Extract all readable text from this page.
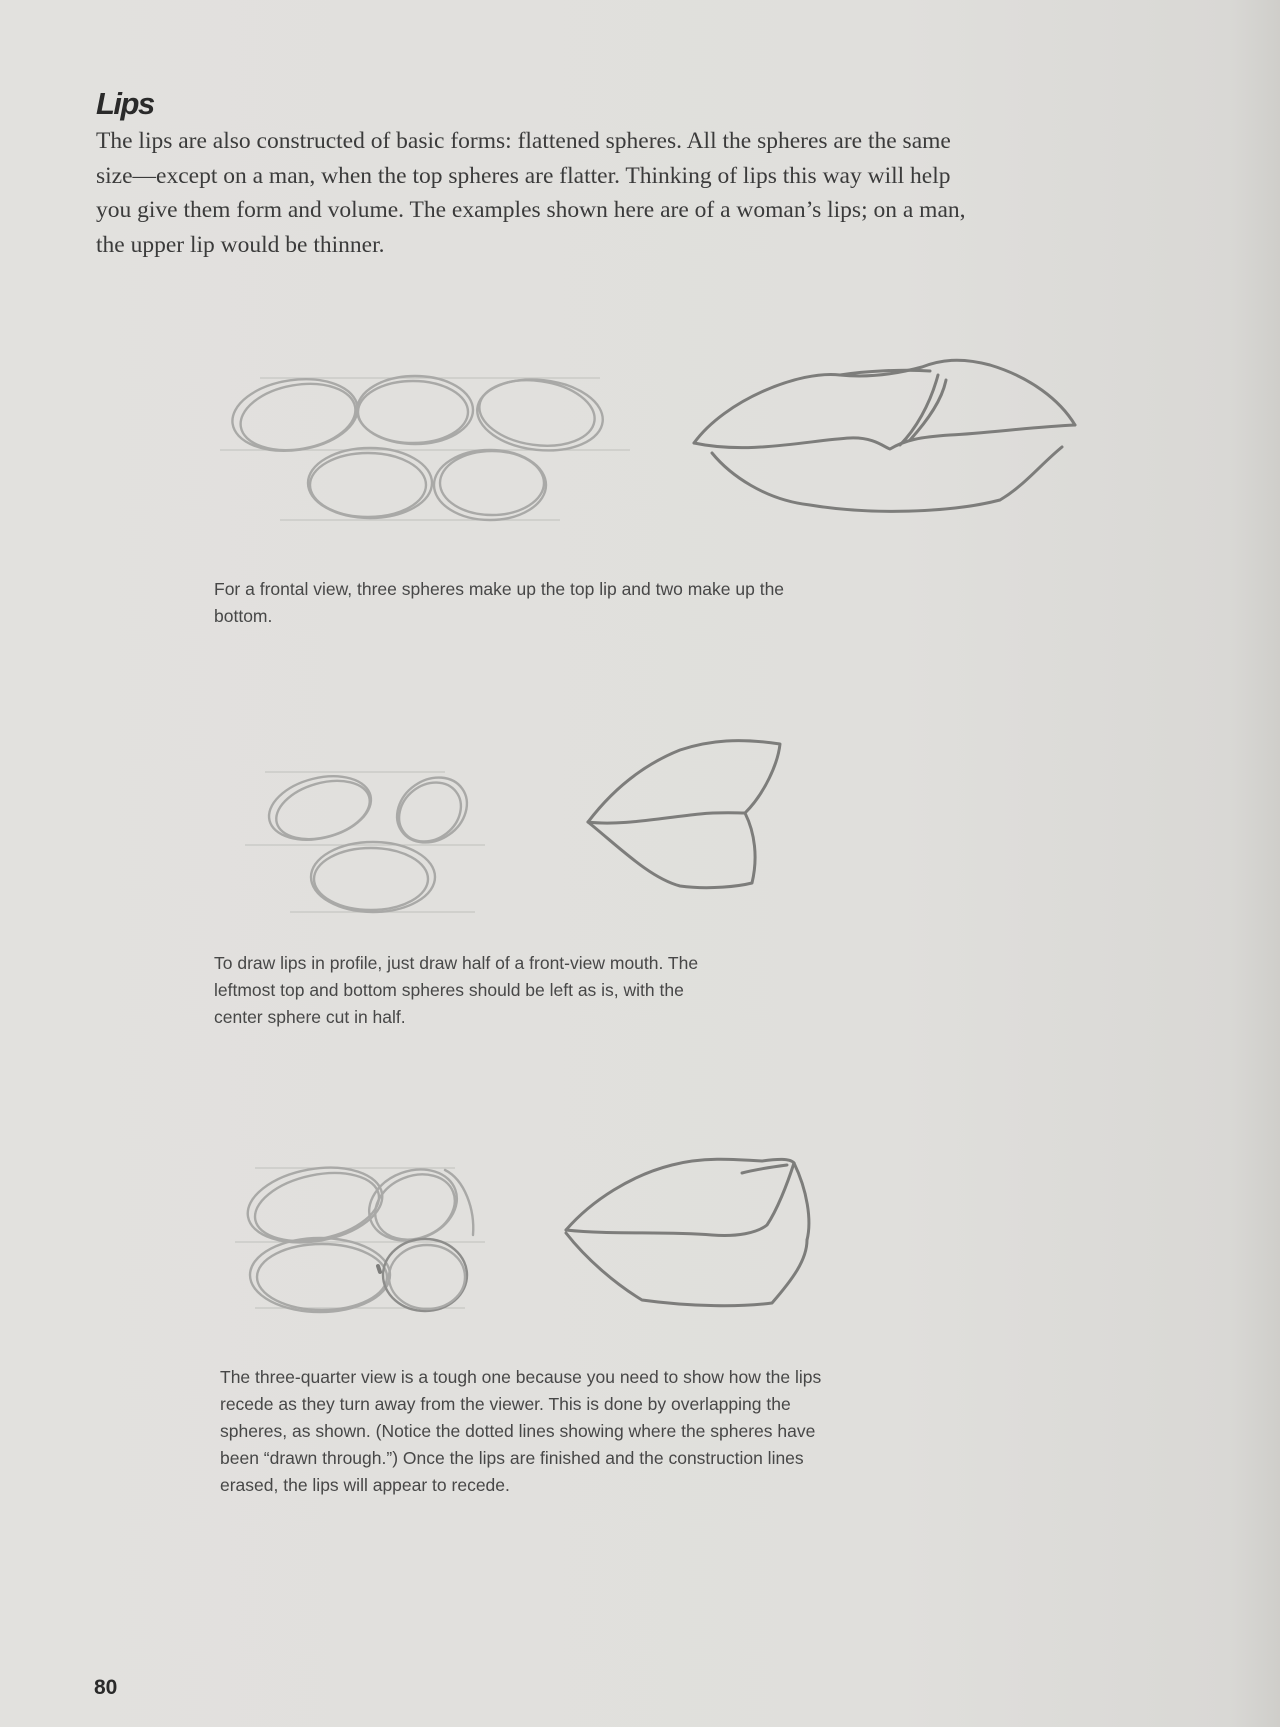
Lips

The lips are also constructed of basic forms: flattened spheres. All the spheres are the same size—except on a man, when the top spheres are flatter. Thinking of lips this way will help you give them form and volume. The examples shown here are of a woman’s lips; on a man, the upper lip would be thinner.

For a frontal view, three spheres make up the top lip and two make up the bottom.

To draw lips in profile, just draw half of a front-view mouth. The leftmost top and bottom spheres should be left as is, with the center sphere cut in half.

The three-quarter view is a tough one because you need to show how the lips recede as they turn away from the viewer. This is done by overlapping the spheres, as shown. (Notice the dotted lines showing where the spheres have been “drawn through.”) Once the lips are finished and the construction lines erased, the lips will appear to recede.

80
